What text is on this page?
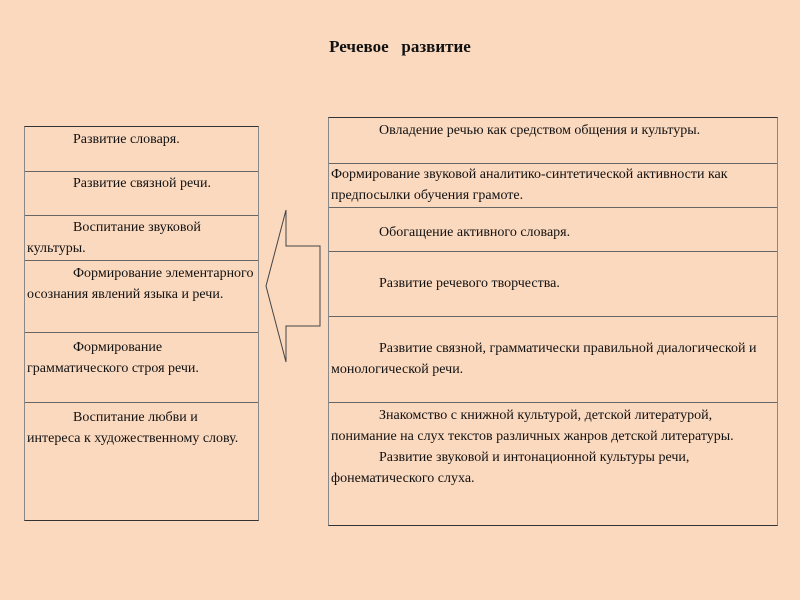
Речевое   развитие
Развитие словаря.
Развитие связной речи.
Воспитание звуковой культуры.
Формирование элементарного осознания явлений языка и речи.
Формирование грамматического строя речи.
Воспитание любви и интереса к художественному слову.
Овладение речью как средством общения и культуры.
Формирование звуковой аналитико-синтетической активности как предпосылки обучения грамоте.
Обогащение активного словаря.
Развитие речевого творчества.
Развитие связной, грамматически правильной диалогической и монологической речи.
Знакомство с книжной культурой, детской литературой, понимание на слух текстов различных жанров детской литературы.
Развитие звуковой и интонационной культуры речи, фонематического слуха.
